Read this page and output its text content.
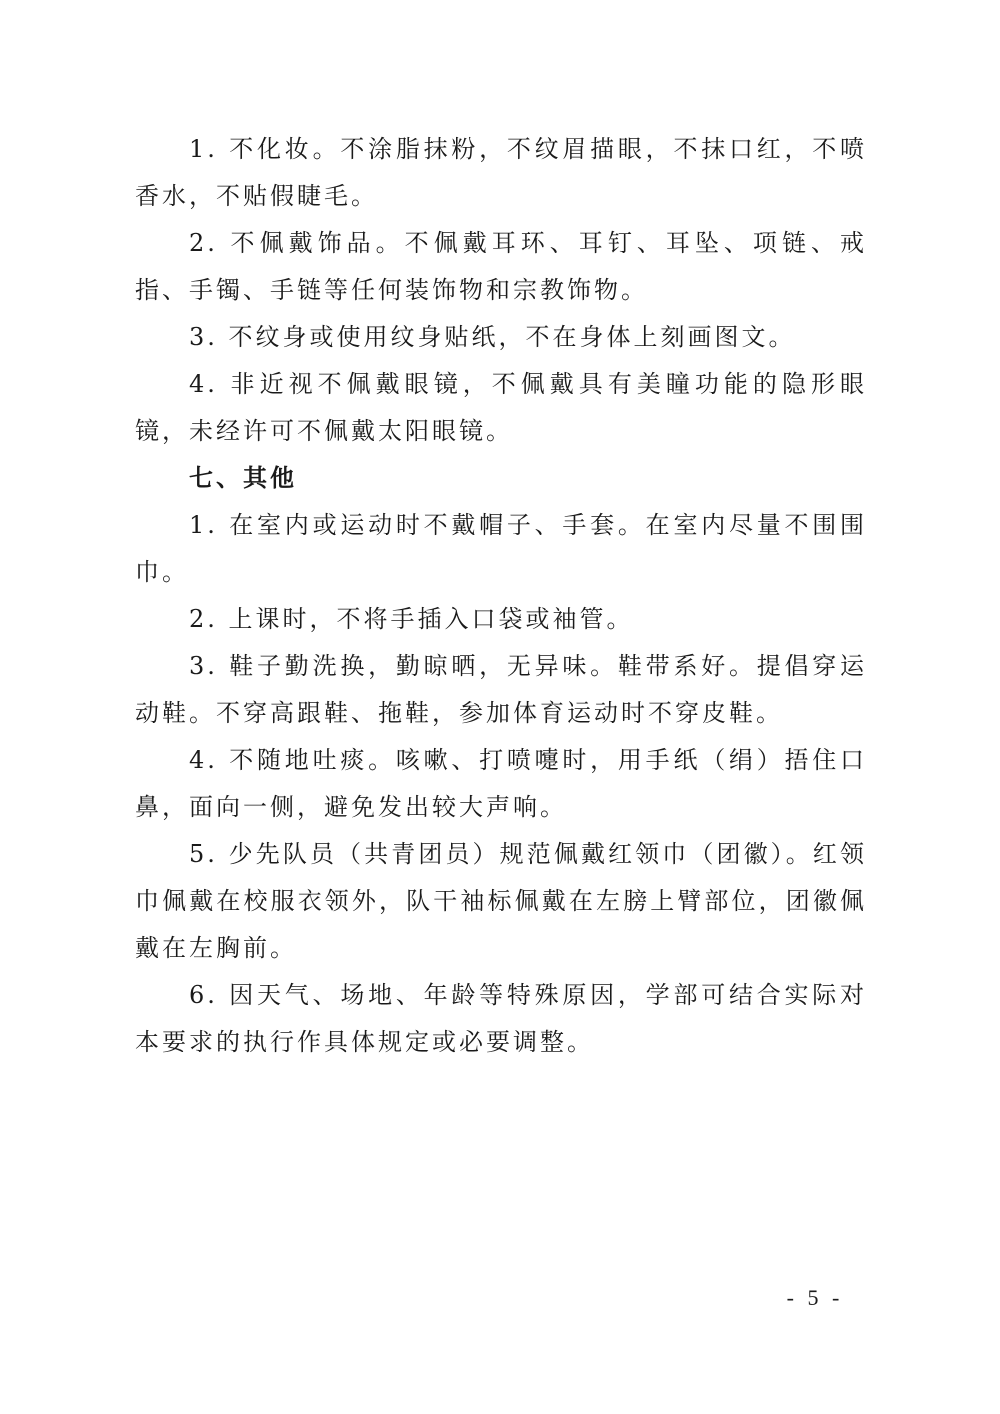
1. 不化妆。不涂脂抹粉，不纹眉描眼，不抹口红，不喷香水，不贴假睫毛。

2. 不佩戴饰品。不佩戴耳环、耳钉、耳坠、项链、戒指、手镯、手链等任何装饰物和宗教饰物。

3. 不纹身或使用纹身贴纸，不在身体上刻画图文。

4. 非近视不佩戴眼镜，不佩戴具有美瞳功能的隐形眼镜，未经许可不佩戴太阳眼镜。

七、其他

1. 在室内或运动时不戴帽子、手套。在室内尽量不围围巾。

2. 上课时，不将手插入口袋或袖管。

3. 鞋子勤洗换，勤晾晒，无异味。鞋带系好。提倡穿运动鞋。不穿高跟鞋、拖鞋，参加体育运动时不穿皮鞋。

4. 不随地吐痰。咳嗽、打喷嚏时，用手纸（绢）捂住口鼻，面向一侧，避免发出较大声响。

5. 少先队员（共青团员）规范佩戴红领巾（团徽）。红领巾佩戴在校服衣领外，队干袖标佩戴在左膀上臂部位，团徽佩戴在左胸前。

6. 因天气、场地、年龄等特殊原因，学部可结合实际对本要求的执行作具体规定或必要调整。

- 5 -
